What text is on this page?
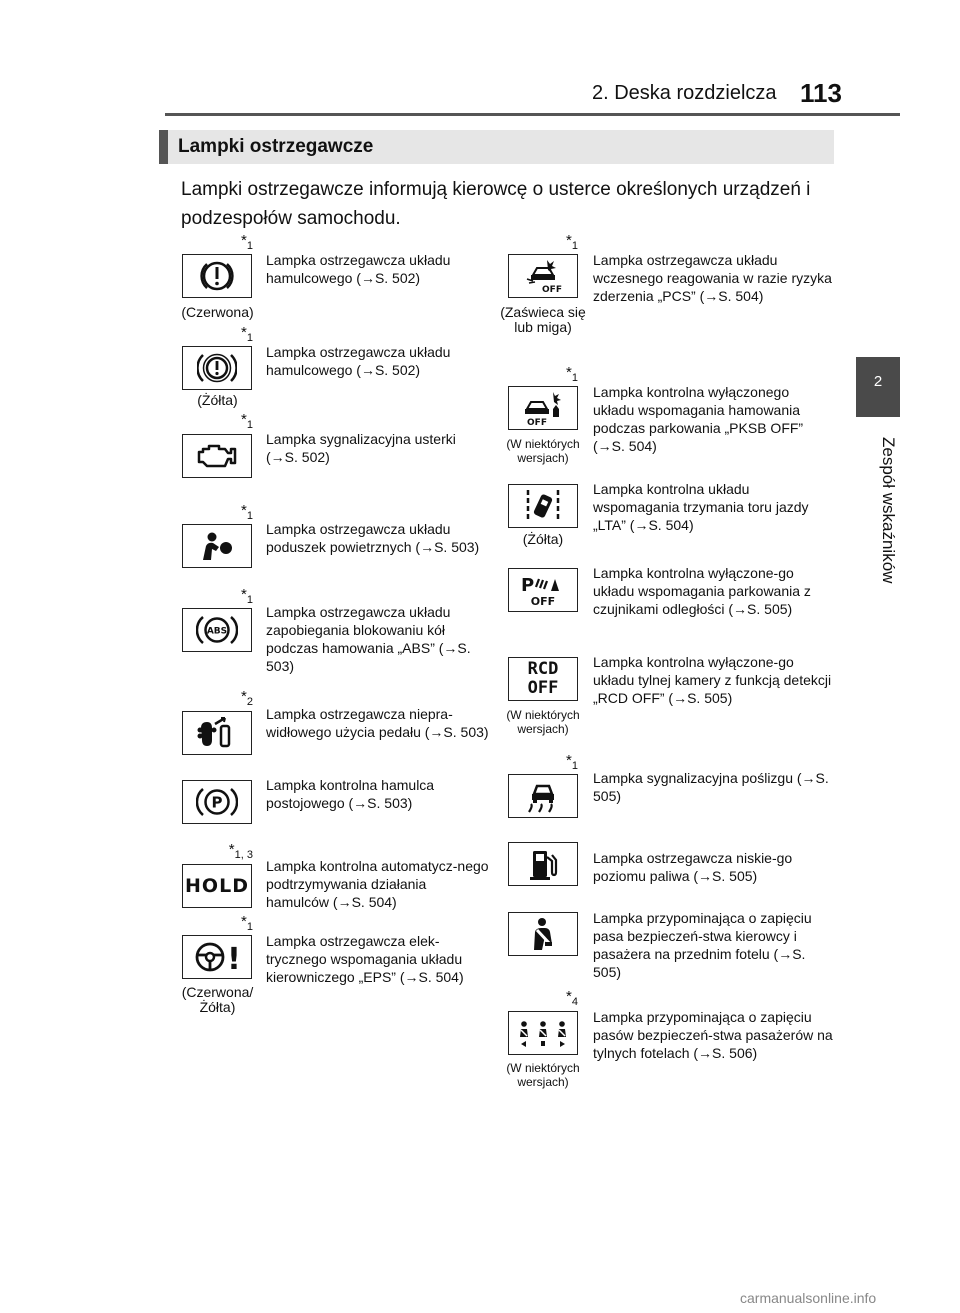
2. Deska rozdzielcza 113
2
Zespół wskaźników
Lampki ostrzegawcze
Lampki ostrzegawcze informują kierowcę o usterce określonych urządzeń i podzespołów samochodu.
$*_1$
(Czerwona)
Lampka ostrzegawcza układu hamulcowego (→S. 502)
$*_1$
(Żółta)
Lampka ostrzegawcza układu hamulcowego (→S. 502)
$*_1$
Lampka sygnalizacyjna usterki (→S. 502)
$*_1$
Lampka ostrzegawcza układu poduszek powietrznych (→S. 503)
$*_1$
ABS
Lampka ostrzegawcza układu zapobiegania blokowaniu kół podczas hamowania „ABS” (→S. 503)
$*_2$
Lampka ostrzegawcza niepra-widłowego użycia pedału (→S. 503)
P
Lampka kontrolna hamulca postojowego (→S. 503)
$*_{1, 3}$
HOLD
Lampka kontrolna automatycz-nego podtrzymywania działania hamulców (→S. 504)
$*_1$
!
(Czerwona/ Żółta)
Lampka ostrzegawcza elek-trycznego wspomagania układu kierowniczego „EPS” (→S. 504)
$*_1$
OFF
(Zaświeca się lub miga)
Lampka ostrzegawcza układu wczesnego reagowania w razie ryzyka zderzenia „PCS” (→S. 504)
$*_1$
OFF
(W niektórych wersjach)
Lampka kontrolna wyłączonego układu wspomagania hamowania podczas parkowania „PKSB OFF” (→S. 504)
(Żółta)
Lampka kontrolna układu wspomagania trzymania toru jazdy „LTA” (→S. 504)
P
OFF
Lampka kontrolna wyłączone-go układu wspomagania parkowania z czujnikami odległości (→S. 505)
RCD
OFF
(W niektórych wersjach)
Lampka kontrolna wyłączone-go układu tylnej kamery z funkcją detekcji „RCD OFF” (→S. 505)
$*_1$
Lampka sygnalizacyjna poślizgu (→S. 505)
Lampka ostrzegawcza niskie-go poziomu paliwa (→S. 505)
Lampka przypominająca o zapięciu pasa bezpieczeń-stwa kierowcy i pasażera na przednim fotelu (→S. 505)
$*_4$
(W niektórych wersjach)
Lampka przypominająca o zapięciu pasów bezpieczeń-stwa pasażerów na tylnych fotelach (→S. 506)
carmanualsonline.info
